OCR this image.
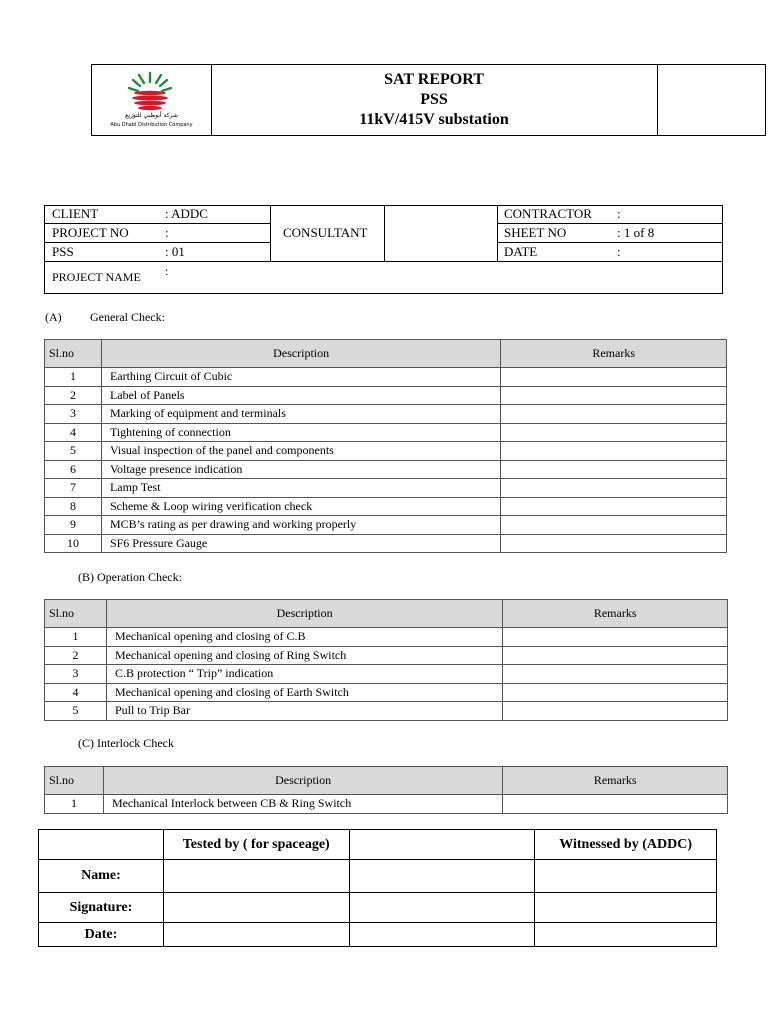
شركة أبوظبي للتوزيع
Abu Dhabi Distribution Company
SAT REPORT
PSS
11kV/415V substation
CLIENT	: ADDC
PROJECT NO	:
PSS	: 01
CONSULTANT
CONTRACTOR :
SHEET NO	: 1 of 8
DATE	:
PROJECT NAME :
(A) General Check:
Sl.no	Description	Remarks
1	Earthing Circuit of Cubic	
2	Label of Panels	
3	Marking of equipment and terminals	
4	Tightening of connection	
5	Visual inspection of the panel and components	
6	Voltage presence indication	
7	Lamp Test	
8	Scheme & Loop wiring verification check	
9	MCB’s rating as per drawing and working properly	
10	SF6 Pressure Gauge	
(B) Operation Check:
Sl.no	Description	Remarks
1	Mechanical opening and closing of C.B	
2	Mechanical opening and closing of Ring Switch	
3	C.B protection “ Trip” indication	
4	Mechanical opening and closing of Earth Switch	
5	Pull to Trip Bar	
(C) Interlock Check
Sl.no	Description	Remarks
1	Mechanical Interlock between CB & Ring Switch	
	Tested by ( for spaceage)		Witnessed by (ADDC)
Name:			
Signature:			
Date:			
